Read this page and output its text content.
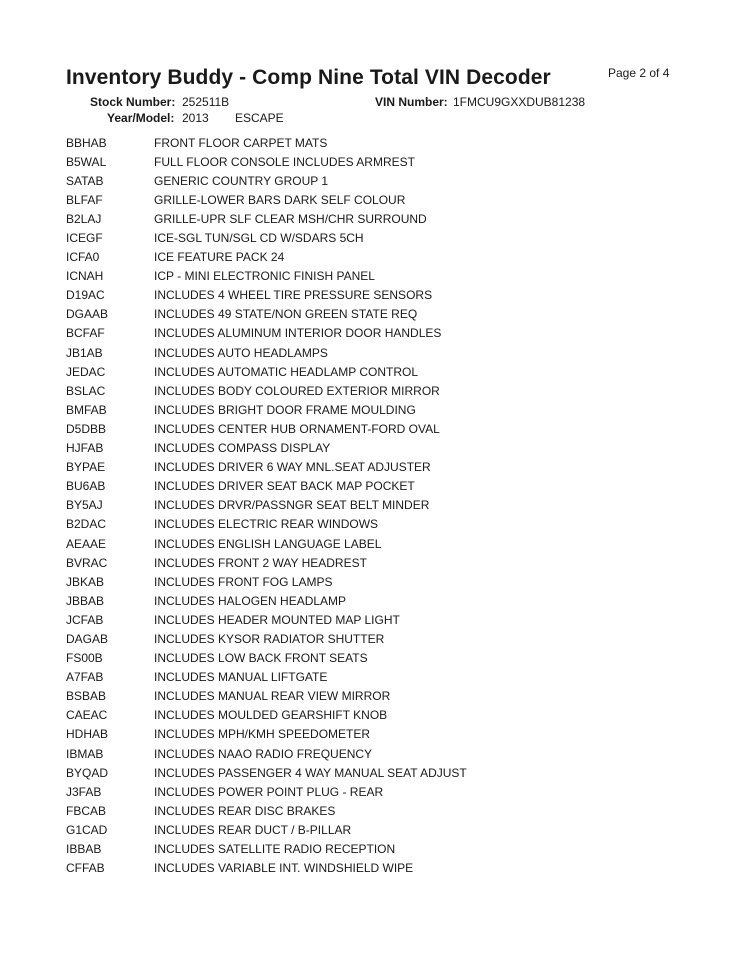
Inventory Buddy - Comp Nine Total VIN Decoder	Page 2 of 4
Stock Number: 252511B	VIN Number: 1FMCU9GXXDUB81238
Year/Model: 2013 ESCAPE
BBHAB	FRONT FLOOR CARPET MATS
B5WAL	FULL FLOOR CONSOLE INCLUDES ARMREST
SATAB	GENERIC COUNTRY GROUP 1
BLFAF	GRILLE-LOWER BARS DARK SELF COLOUR
B2LAJ	GRILLE-UPR SLF CLEAR MSH/CHR SURROUND
ICEGF	ICE-SGL TUN/SGL CD W/SDARS 5CH
ICFA0	ICE FEATURE PACK 24
ICNAH	ICP - MINI ELECTRONIC FINISH PANEL
D19AC	INCLUDES 4 WHEEL TIRE PRESSURE SENSORS
DGAAB	INCLUDES 49 STATE/NON GREEN STATE REQ
BCFAF	INCLUDES ALUMINUM INTERIOR DOOR HANDLES
JB1AB	INCLUDES AUTO HEADLAMPS
JEDAC	INCLUDES AUTOMATIC HEADLAMP CONTROL
BSLAC	INCLUDES BODY COLOURED EXTERIOR MIRROR
BMFAB	INCLUDES BRIGHT DOOR FRAME MOULDING
D5DBB	INCLUDES CENTER HUB ORNAMENT-FORD OVAL
HJFAB	INCLUDES COMPASS DISPLAY
BYPAE	INCLUDES DRIVER 6 WAY MNL.SEAT ADJUSTER
BU6AB	INCLUDES DRIVER SEAT BACK MAP POCKET
BY5AJ	INCLUDES DRVR/PASSNGR SEAT BELT MINDER
B2DAC	INCLUDES ELECTRIC REAR WINDOWS
AEAAE	INCLUDES ENGLISH LANGUAGE LABEL
BVRAC	INCLUDES FRONT 2 WAY HEADREST
JBKAB	INCLUDES FRONT FOG LAMPS
JBBAB	INCLUDES HALOGEN HEADLAMP
JCFAB	INCLUDES HEADER MOUNTED MAP LIGHT
DAGAB	INCLUDES KYSOR RADIATOR SHUTTER
FS00B	INCLUDES LOW BACK FRONT SEATS
A7FAB	INCLUDES MANUAL LIFTGATE
BSBAB	INCLUDES MANUAL REAR VIEW MIRROR
CAEAC	INCLUDES MOULDED GEARSHIFT KNOB
HDHAB	INCLUDES MPH/KMH SPEEDOMETER
IBMAB	INCLUDES NAAO RADIO FREQUENCY
BYQAD	INCLUDES PASSENGER 4 WAY MANUAL SEAT ADJUST
J3FAB	INCLUDES POWER POINT PLUG - REAR
FBCAB	INCLUDES REAR DISC BRAKES
G1CAD	INCLUDES REAR DUCT / B-PILLAR
IBBAB	INCLUDES SATELLITE RADIO RECEPTION
CFFAB	INCLUDES VARIABLE INT. WINDSHIELD WIPE
